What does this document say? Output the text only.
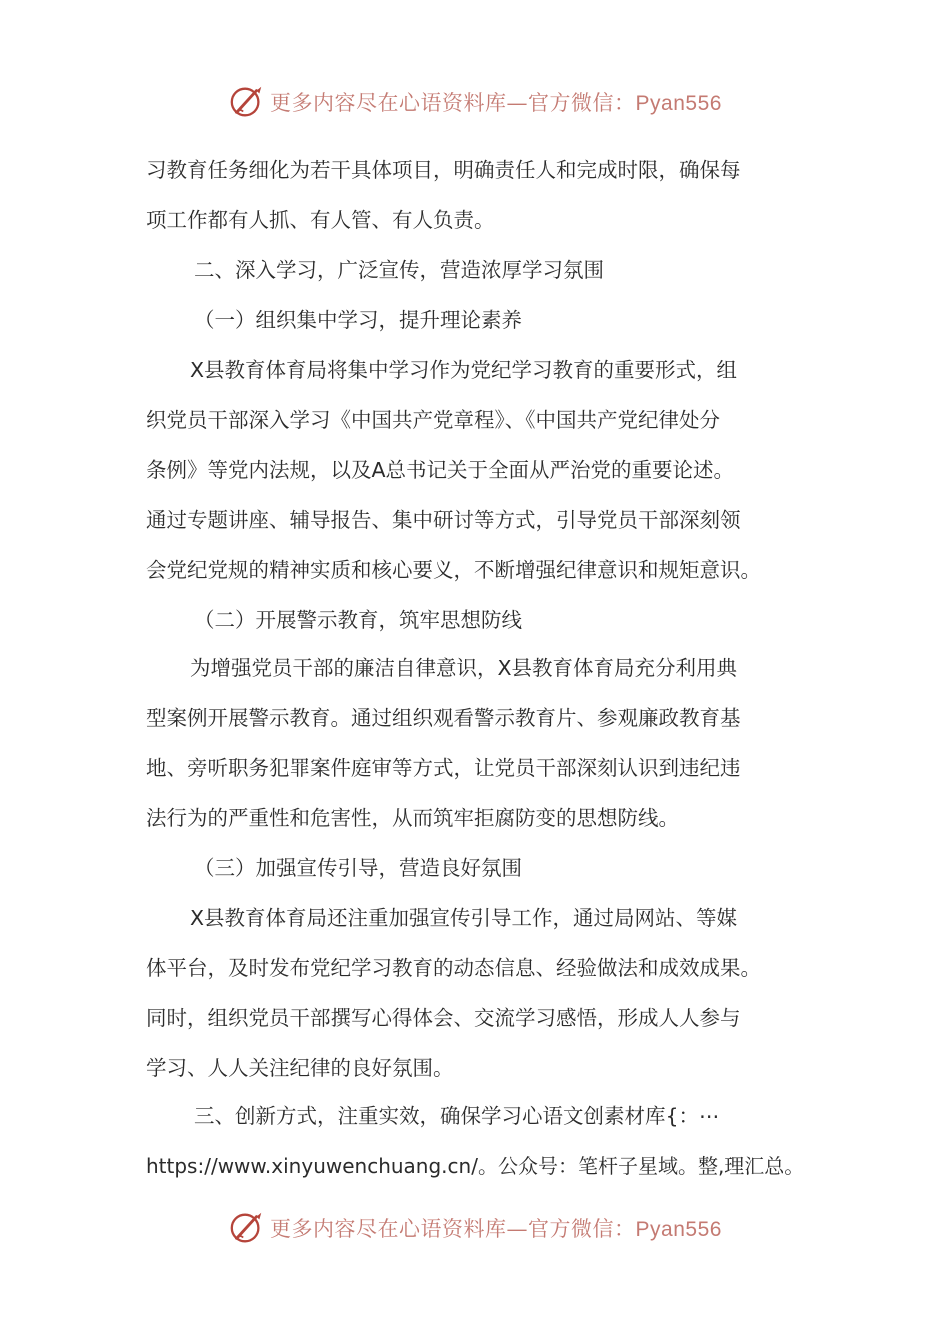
更多内容尽在心语资料库—官方微信：Pyan556
习教育任务细化为若干具体项目，明确责任人和完成时限，确保每
项工作都有人抓、有人管、有人负责。
二、深入学习，广泛宣传，营造浓厚学习氛围
（一）组织集中学习，提升理论素养
X县教育体育局将集中学习作为党纪学习教育的重要形式，组
织党员干部深入学习《中国共产党章程》、《中国共产党纪律处分
条例》等党内法规，以及A总书记关于全面从严治党的重要论述。
通过专题讲座、辅导报告、集中研讨等方式，引导党员干部深刻领
会党纪党规的精神实质和核心要义，不断增强纪律意识和规矩意识。
（二）开展警示教育，筑牢思想防线
为增强党员干部的廉洁自律意识，X县教育体育局充分利用典
型案例开展警示教育。通过组织观看警示教育片、参观廉政教育基
地、旁听职务犯罪案件庭审等方式，让党员干部深刻认识到违纪违
法行为的严重性和危害性，从而筑牢拒腐防变的思想防线。
（三）加强宣传引导，营造良好氛围
X县教育体育局还注重加强宣传引导工作，通过局网站、等媒
体平台，及时发布党纪学习教育的动态信息、经验做法和成效成果。
同时，组织党员干部撰写心得体会、交流学习感悟，形成人人参与
学习、人人关注纪律的良好氛围。
三、创新方式，注重实效，确保学习心语文创素材库{：⋯
https://www.xinyuwenchuang.cn/。公众号：笔杆子星域。整,理汇总。
更多内容尽在心语资料库—官方微信：Pyan556
